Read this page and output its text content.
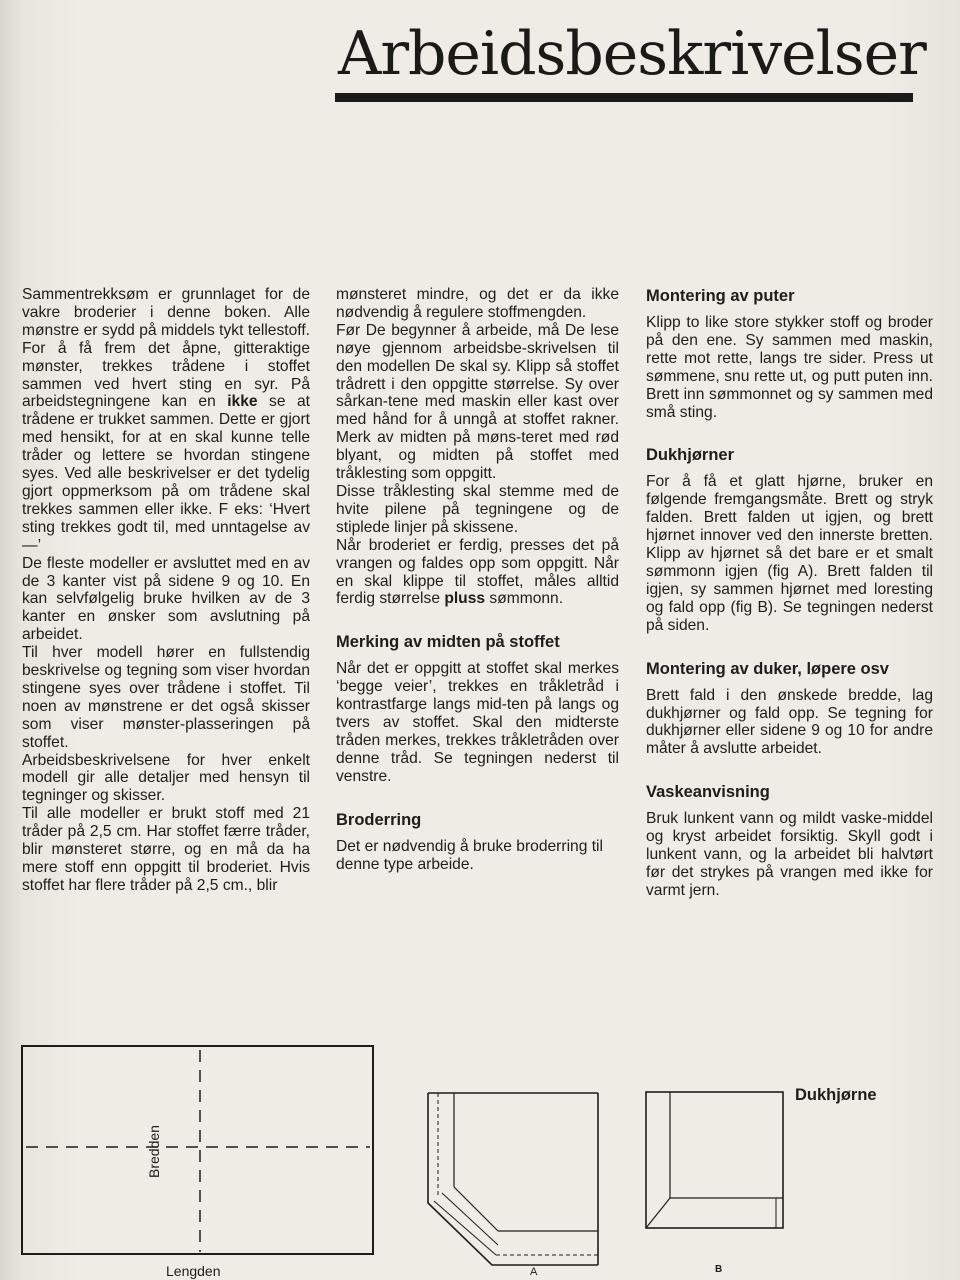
Arbeidsbeskrivelser

Sammentrekksøm er grunnlaget for de vakre broderier i denne boken. Alle mønstre er sydd på middels tykt tellestoff. For å få frem det åpne, gitteraktige mønster, trekkes trådene i stoffet sammen ved hvert sting en syr. På arbeidstegningene kan en ikke se at trådene er trukket sammen. Dette er gjort med hensikt, for at en skal kunne telle tråder og lettere se hvordan stingene syes. Ved alle beskrivelser er det tydelig gjort oppmerksom på om trådene skal trekkes sammen eller ikke. F eks: ‘Hvert sting trekkes godt til, med unntagelse av—’

De fleste modeller er avsluttet med en av de 3 kanter vist på sidene 9 og 10. En kan selvfølgelig bruke hvilken av de 3 kanter en ønsker som avslutning på arbeidet.

Til hver modell hører en fullstendig beskrivelse og tegning som viser hvordan stingene syes over trådene i stoffet. Til noen av mønstrene er det også skisser som viser mønster-plasseringen på stoffet.

Arbeidsbeskrivelsene for hver enkelt modell gir alle detaljer med hensyn til tegninger og skisser.

Til alle modeller er brukt stoff med 21 tråder på 2,5 cm. Har stoffet færre tråder, blir mønsteret større, og en må da ha mere stoff enn oppgitt til broderiet. Hvis stoffet har flere tråder på 2,5 cm., blir

mønsteret mindre, og det er da ikke nødvendig å regulere stoffmengden.

Før De begynner å arbeide, må De lese nøye gjennom arbeidsbe-skrivelsen til den modellen De skal sy. Klipp så stoffet trådrett i den oppgitte størrelse. Sy over sårkan-tene med maskin eller kast over med hånd for å unngå at stoffet rakner. Merk av midten på møns-teret med rød blyant, og midten på stoffet med tråklesting som oppgitt.

Disse tråklesting skal stemme med de hvite pilene på tegningene og de stiplede linjer på skissene.

Når broderiet er ferdig, presses det på vrangen og faldes opp som oppgitt. Når en skal klippe til stoffet, måles alltid ferdig størrelse pluss sømmonn.

Merking av midten på stoffet

Når det er oppgitt at stoffet skal merkes ‘begge veier’, trekkes en tråkletråd i kontrastfarge langs mid-ten på langs og tvers av stoffet. Skal den midterste tråden merkes, trekkes tråkletråden over denne tråd. Se tegningen nederst til venstre.

Broderring

Det er nødvendig å bruke broderring til denne type arbeide.

Montering av puter

Klipp to like store stykker stoff og broder på den ene. Sy sammen med maskin, rette mot rette, langs tre sider. Press ut sømmene, snu rette ut, og putt puten inn. Brett inn sømmonnet og sy sammen med små sting.

Dukhjørner

For å få et glatt hjørne, bruker en følgende fremgangsmåte. Brett og stryk falden. Brett falden ut igjen, og brett hjørnet innover ved den innerste bretten. Klipp av hjørnet så det bare er et smalt sømmonn igjen (fig A). Brett falden til igjen, sy sammen hjørnet med loresting og fald opp (fig B). Se tegningen nederst på siden.

Montering av duker, løpere osv

Brett fald i den ønskede bredde, lag dukhjørner og fald opp. Se tegning for dukhjørner eller sidene 9 og 10 for andre måter å avslutte arbeidet.

Vaskeanvisning

Bruk lunkent vann og mildt vaske-middel og kryst arbeidet forsiktig. Skyll godt i lunkent vann, og la arbeidet bli halvtørt før det strykes på vrangen med ikke for varmt jern.

Bredden
Lengden	A	B
Dukhjørne
